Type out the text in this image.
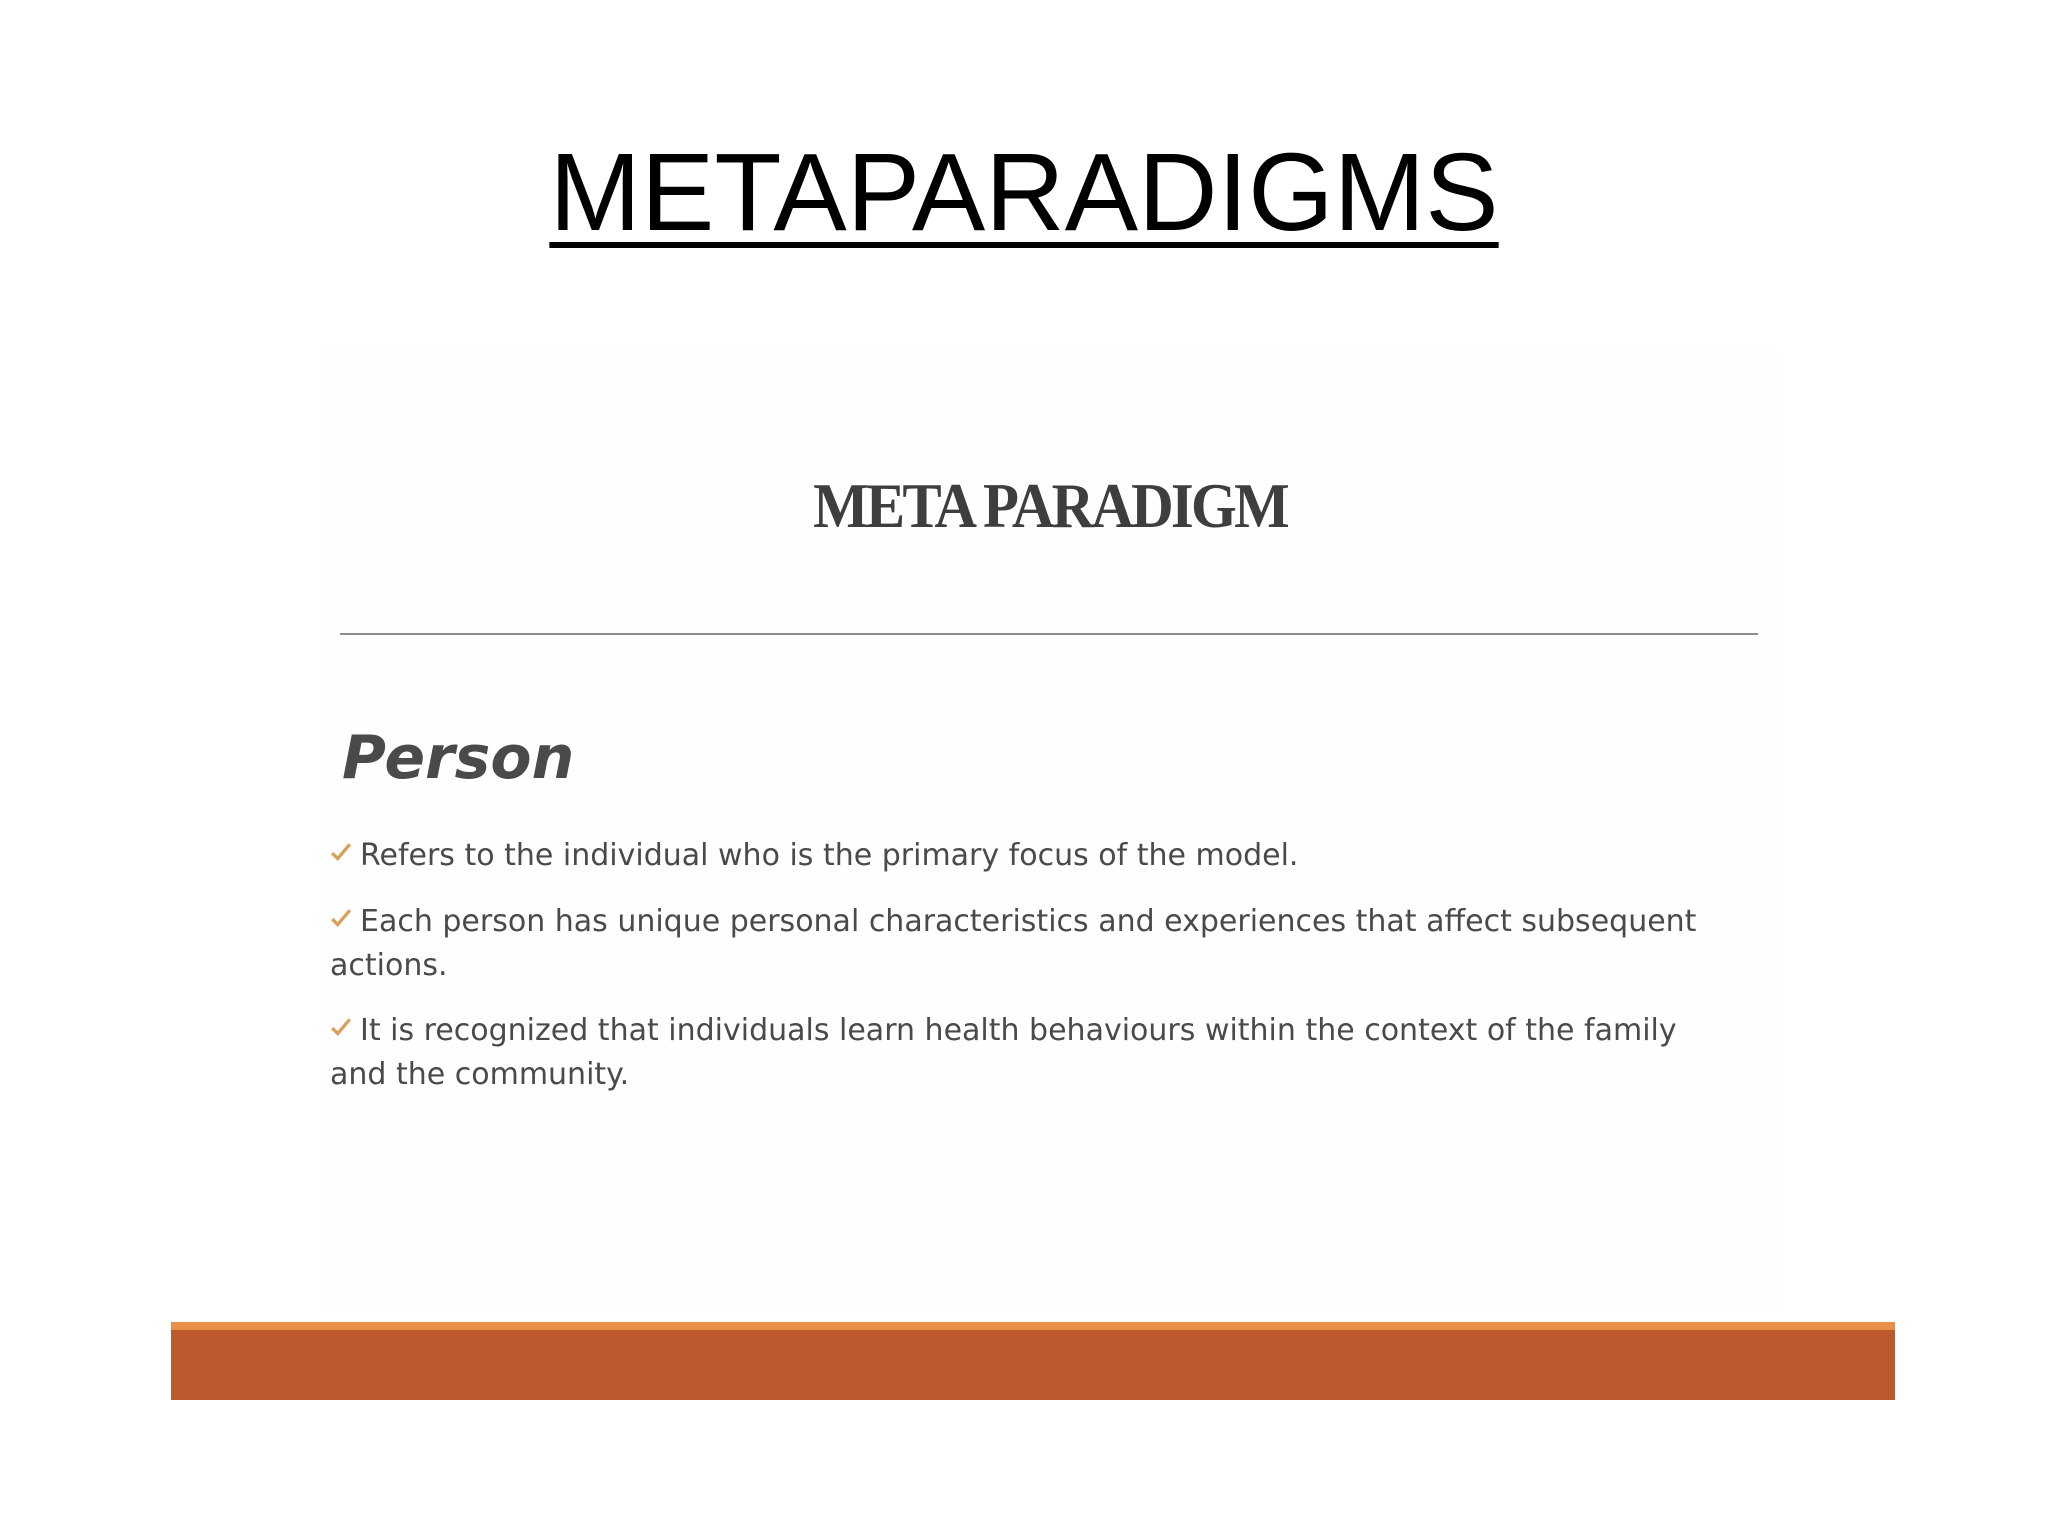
METAPARADIGMS
META PARADIGM
Person
Refers to the individual who is the primary focus of the model.
Each person has unique personal characteristics and experiences that affect subsequent actions.
It is recognized that individuals learn health behaviours within the context of the family and the community.
